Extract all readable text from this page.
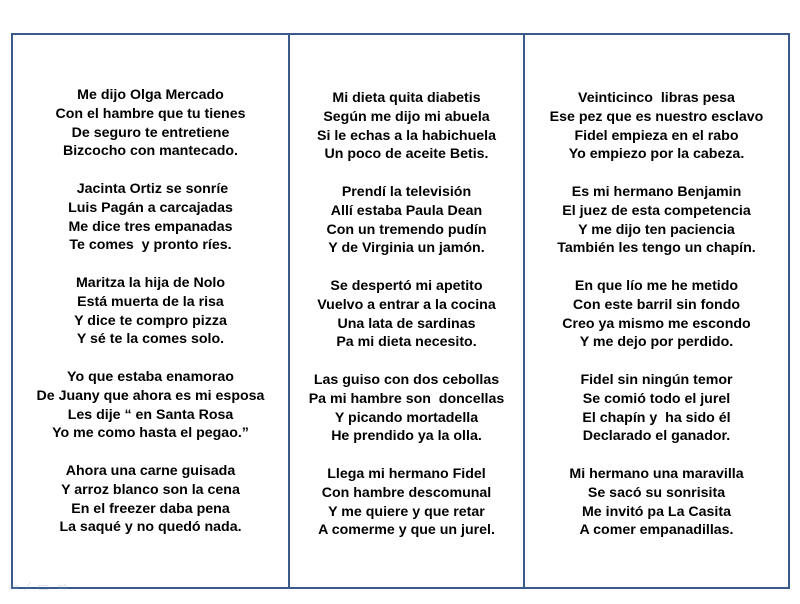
Me dijo Olga Mercado
Con el hambre que tu tienes
De seguro te entretiene
Bizcocho con mantecado.
Jacinta Ortiz se sonríe
Luis Pagán a carcajadas
Me dice tres empanadas
Te comes  y pronto ríes.
Maritza la hija de Nolo
Está muerta de la risa
Y dice te compro pizza
Y sé te la comes solo.
Yo que estaba enamorao
De Juany que ahora es mi esposa
Les dije “ en Santa Rosa
Yo me como hasta el pegao.”
Ahora una carne guisada
Y arroz blanco son la cena
En el freezer daba pena
La saqué y no quedó nada.
Mi dieta quita diabetis
Según me dijo mi abuela
Si le echas a la habichuela
Un poco de aceite Betis.
Prendí la televisión
Allí estaba Paula Dean
Con un tremendo pudín
Y de Virginia un jamón.
Se despertó mi apetito
Vuelvo a entrar a la cocina
Una lata de sardinas
Pa mi dieta necesito.
Las guiso con dos cebollas
Pa mi hambre son  doncellas
Y picando mortadella
He prendido ya la olla.
Llega mi hermano Fidel
Con hambre descomunal
Y me quiere y que retar
A comerme y que un jurel.
Veinticinco  libras pesa
Ese pez que es nuestro esclavo
Fidel empieza en el rabo
Yo empiezo por la cabeza.
Es mi hermano Benjamin
El juez de esta competencia
Y me dijo ten paciencia
También les tengo un chapín.
En que lío me he metido
Con este barril sin fondo
Creo ya mismo me escondo
Y me dejo por perdido.
Fidel sin ningún temor
Se comió todo el jurel
El chapín y  ha sido él
Declarado el ganador.
Mi hermano una maravilla
Se sacó su sonrisita
Me invitó pa La Casita
A comer empanadillas.
⇦ ∕ ▭ ⇨
